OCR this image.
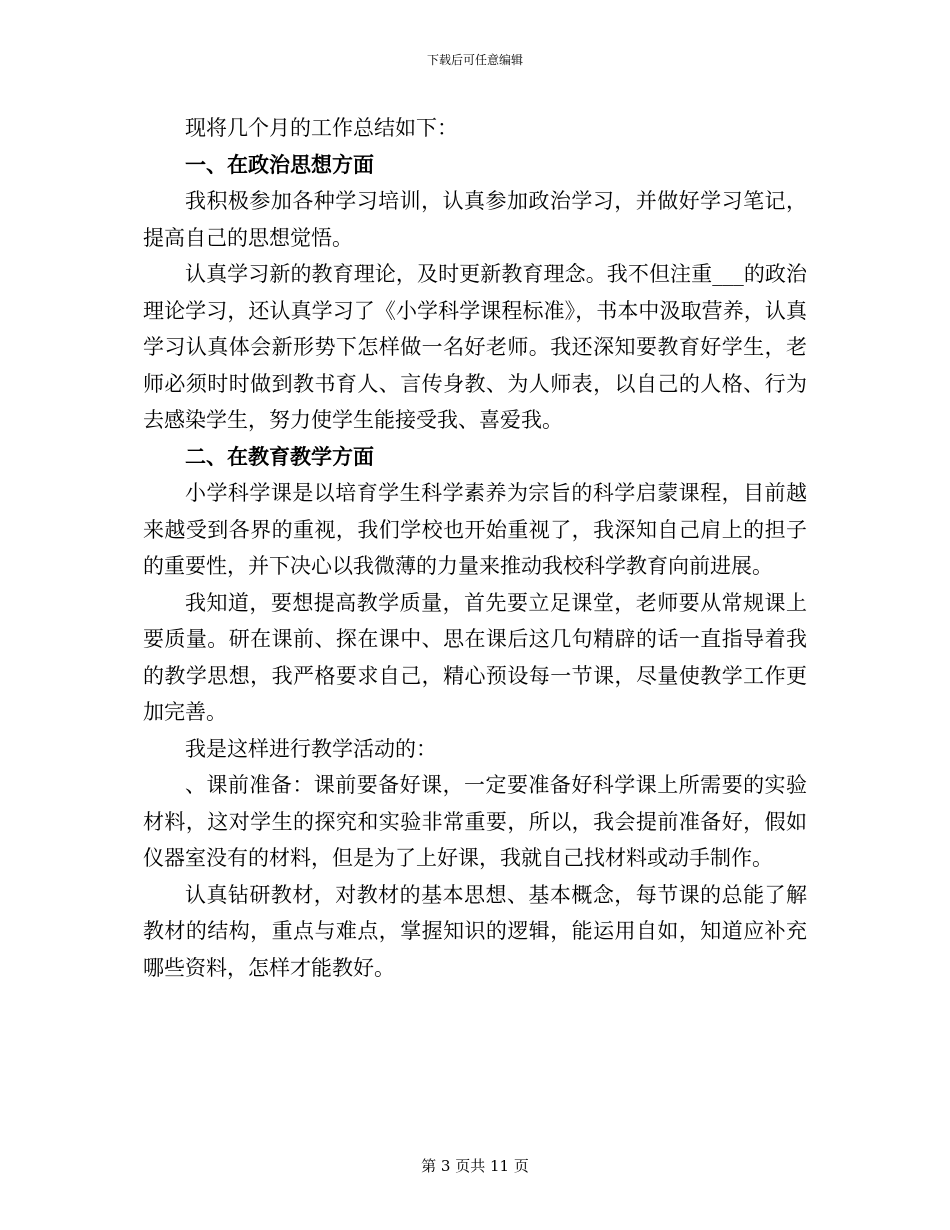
下载后可任意编辑

现将几个月的工作总结如下：

一、在政治思想方面

我积极参加各种学习培训，认真参加政治学习，并做好学习笔记，提高自己的思想觉悟。

认真学习新的教育理论，及时更新教育理念。我不但注重___的政治理论学习，还认真学习了《小学科学课程标准》，书本中汲取营养，认真学习认真体会新形势下怎样做一名好老师。我还深知要教育好学生，老师必须时时做到教书育人、言传身教、为人师表，以自己的人格、行为去感染学生，努力使学生能接受我、喜爱我。

二、在教育教学方面

小学科学课是以培育学生科学素养为宗旨的科学启蒙课程，目前越来越受到各界的重视，我们学校也开始重视了，我深知自己肩上的担子的重要性，并下决心以我微薄的力量来推动我校科学教育向前进展。

我知道，要想提高教学质量，首先要立足课堂，老师要从常规课上要质量。研在课前、探在课中、思在课后这几句精辟的话一直指导着我的教学思想，我严格要求自己，精心预设每一节课，尽量使教学工作更加完善。

我是这样进行教学活动的：

、课前准备：课前要备好课，一定要准备好科学课上所需要的实验材料，这对学生的探究和实验非常重要，所以，我会提前准备好，假如仪器室没有的材料，但是为了上好课，我就自己找材料或动手制作。

认真钻研教材，对教材的基本思想、基本概念，每节课的总能了解教材的结构，重点与难点，掌握知识的逻辑，能运用自如，知道应补充哪些资料，怎样才能教好。

第 3 页共 11 页
